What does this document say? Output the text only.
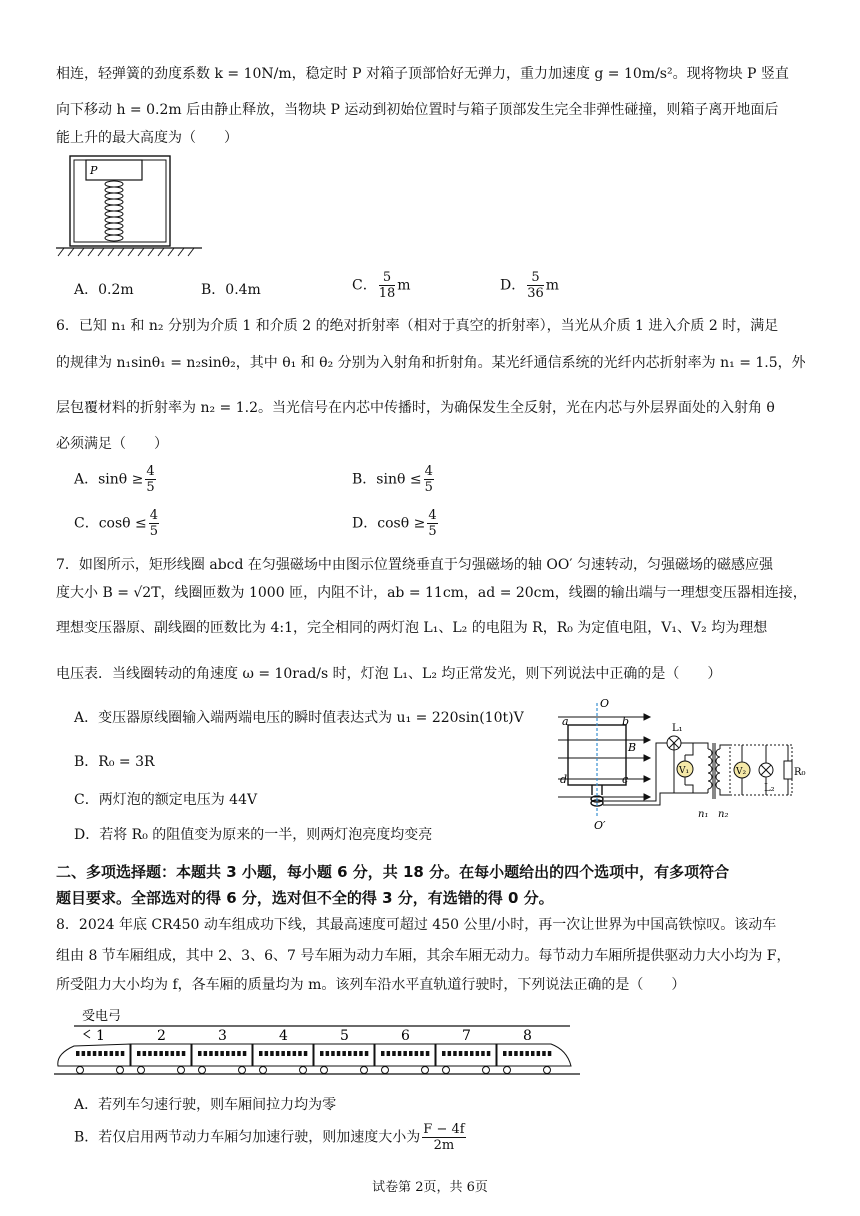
相连，轻弹簧的劲度系数 k = 10N/m，稳定时 P 对箱子顶部恰好无弹力，重力加速度 g = 10m/s²。现将物块 P 竖直
向下移动 h = 0.2m 后由静止释放，当物块 P 运动到初始位置时与箱子顶部发生完全非弹性碰撞，则箱子离开地面后
能上升的最大高度为（　　）
P
A．0.2m	B．0.4m	C． $\frac{5}{18}$ m	D． $\frac{5}{36}$ m
6．已知 n₁ 和 n₂ 分别为介质 1 和介质 2 的绝对折射率（相对于真空的折射率），当光从介质 1 进入介质 2 时，满足
的规律为 n₁sinθ₁ = n₂sinθ₂，其中 θ₁ 和 θ₂ 分别为入射角和折射角。某光纤通信系统的光纤内芯折射率为 n₁ = 1.5，外
层包覆材料的折射率为 n₂ = 1.2。当光信号在内芯中传播时，为确保发生全反射，光在内芯与外层界面处的入射角 θ
必须满足（　　）
A．$\sin\theta \ge \frac{4}{5}$	B．$\sin\theta \le \frac{4}{5}$
C．$\cos\theta \le \frac{4}{5}$	D．$\cos\theta \ge \frac{4}{5}$
7．如图所示，矩形线圈 abcd 在匀强磁场中由图示位置绕垂直于匀强磁场的轴 OO′ 匀速转动，匀强磁场的磁感应强
度大小 B = √2T，线圈匝数为 1000 匝，内阻不计，ab = 11cm，ad = 20cm，线圈的输出端与一理想变压器相连接，
理想变压器原、副线圈的匝数比为 4:1，完全相同的两灯泡 L₁、L₂ 的电阻为 R，R₀ 为定值电阻，V₁、V₂ 均为理想
电压表．当线圈转动的角速度 ω = 10rad/s 时，灯泡 L₁、L₂ 均正常发光，则下列说法中正确的是（　　）
A．变压器原线圈输入端两端电压的瞬时值表达式为 u₁ = 220sin(10t)V
B．R₀ = 3R
C．两灯泡的额定电压为 44V
D．若将 R₀ 的阻值变为原来的一半，则两灯泡亮度均变亮
O
O′
a	b
c
d
B
L₁
V₁
n₁ n₂
V₂
L₂
R₀
二、多项选择题：本题共 3 小题，每小题 6 分，共 18 分。在每小题给出的四个选项中，有多项符合
题目要求。全部选对的得 6 分，选对但不全的得 3 分，有选错的得 0 分。
8．2024 年底 CR450 动车组成功下线，其最高速度可超过 450 公里/小时，再一次让世界为中国高铁惊叹。该动车
组由 8 节车厢组成，其中 2、3、6、7 号车厢为动力车厢，其余车厢无动力。每节动力车厢所提供驱动力大小均为 F，
所受阻力大小均为 f，各车厢的质量均为 m。该列车沿水平直轨道行驶时，下列说法正确的是（　　）
受电弓
1	2	3	4	5	6	7	8
A．若列车匀速行驶，则车厢间拉力均为零
B．若仅启用两节动力车厢匀加速行驶，则加速度大小为 $\frac{F - 4f}{2m}$
试卷第 2页，共 6页
